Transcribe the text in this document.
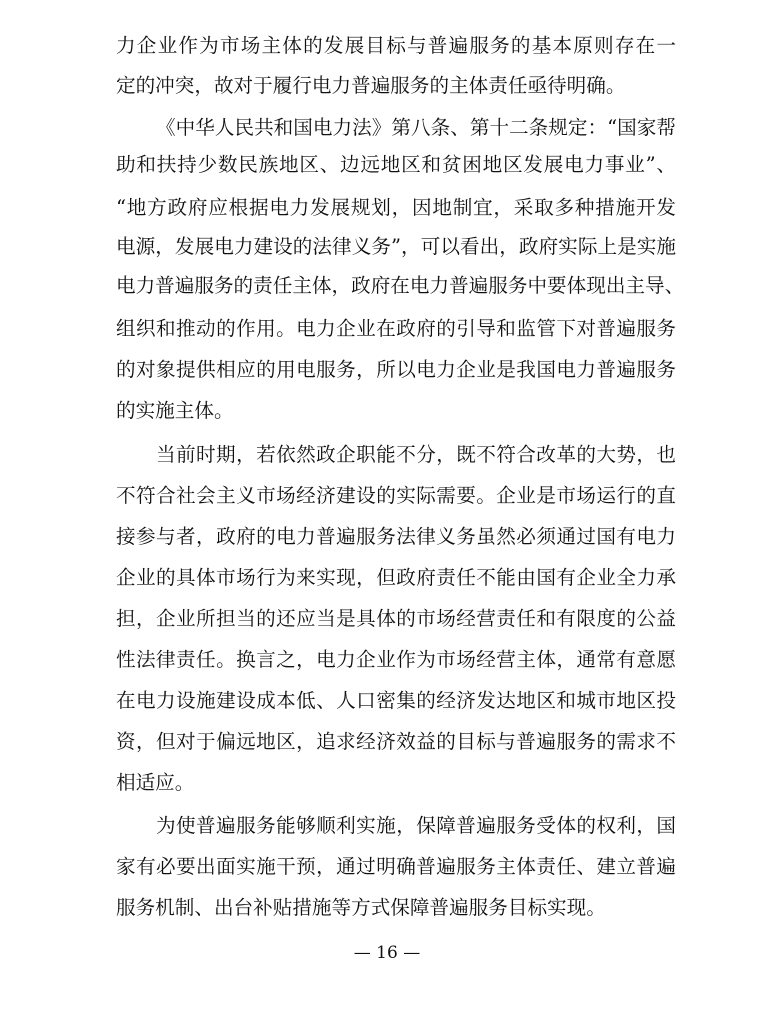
力企业作为市场主体的发展目标与普遍服务的基本原则存在一
定的冲突，故对于履行电力普遍服务的主体责任亟待明确。
《中华人民共和国电力法》第八条、第十二条规定：“国家帮
助和扶持少数民族地区、边远地区和贫困地区发展电力事业”、
“地方政府应根据电力发展规划，因地制宜，采取多种措施开发
电源，发展电力建设的法律义务”，可以看出，政府实际上是实施
电力普遍服务的责任主体，政府在电力普遍服务中要体现出主导、
组织和推动的作用。电力企业在政府的引导和监管下对普遍服务
的对象提供相应的用电服务，所以电力企业是我国电力普遍服务
的实施主体。
当前时期，若依然政企职能不分，既不符合改革的大势，也
不符合社会主义市场经济建设的实际需要。企业是市场运行的直
接参与者，政府的电力普遍服务法律义务虽然必须通过国有电力
企业的具体市场行为来实现，但政府责任不能由国有企业全力承
担，企业所担当的还应当是具体的市场经营责任和有限度的公益
性法律责任。换言之，电力企业作为市场经营主体，通常有意愿
在电力设施建设成本低、人口密集的经济发达地区和城市地区投
资，但对于偏远地区，追求经济效益的目标与普遍服务的需求不
相适应。
为使普遍服务能够顺利实施，保障普遍服务受体的权利，国
家有必要出面实施干预，通过明确普遍服务主体责任、建立普遍
服务机制、出台补贴措施等方式保障普遍服务目标实现。
— 16 —
